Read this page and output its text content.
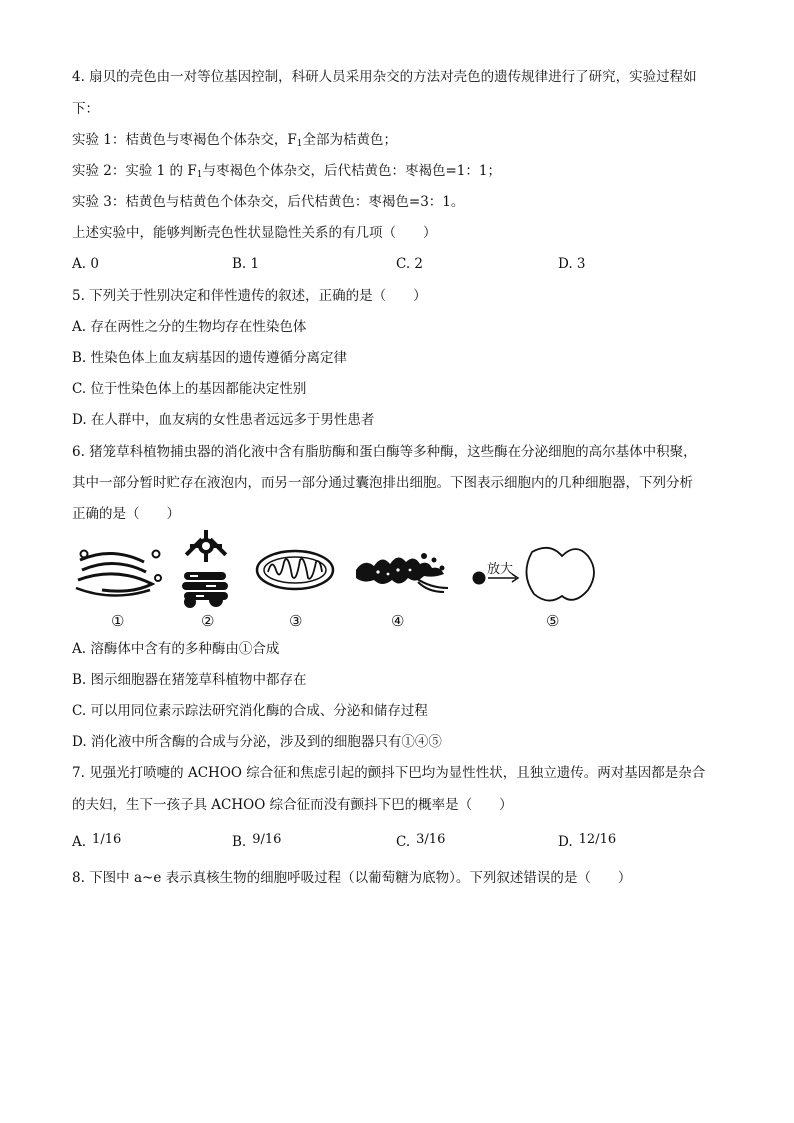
4. 扇贝的壳色由一对等位基因控制，科研人员采用杂交的方法对壳色的遗传规律进行了研究，实验过程如
下：
实验 1：桔黄色与枣褐色个体杂交，$F_1$全部为桔黄色；
实验 2：实验 1 的 $F_1$与枣褐色个体杂交，后代桔黄色：枣褐色=1：1；
实验 3：桔黄色与桔黄色个体杂交，后代桔黄色：枣褐色=3：1。
上述实验中，能够判断壳色性状显隐性关系的有几项（　　）
A. 0	B. 1	C. 2	D. 3
5. 下列关于性别决定和伴性遗传的叙述，正确的是（　　）
A. 存在两性之分的生物均存在性染色体
B. 性染色体上血友病基因的遗传遵循分离定律
C. 位于性染色体上的基因都能决定性别
D. 在人群中，血友病的女性患者远远多于男性患者
6. 猪笼草科植物捕虫器的消化液中含有脂肪酶和蛋白酶等多种酶，这些酶在分泌细胞的高尔基体中积聚，
其中一部分暂时贮存在液泡内，而另一部分通过囊泡排出细胞。下图表示细胞内的几种细胞器，下列分析
正确的是（　　）
放大
①	②	③	④	⑤
A. 溶酶体中含有的多种酶由①合成
B. 图示细胞器在猪笼草科植物中都存在
C. 可以用同位素示踪法研究消化酶的合成、分泌和储存过程
D. 消化液中所含酶的合成与分泌，涉及到的细胞器只有①④⑤
7. 见强光打喷嚏的 ACHOO 综合征和焦虑引起的颤抖下巴均为显性性状，且独立遗传。两对基因都是杂合
的夫妇，生下一孩子具 ACHOO 综合征而没有颤抖下巴的概率是（　　）
A. 1/16	B. 9/16	C. 3/16	D. 12/16
8. 下图中 a~e 表示真核生物的细胞呼吸过程（以葡萄糖为底物）。下列叙述错误的是（　　）
